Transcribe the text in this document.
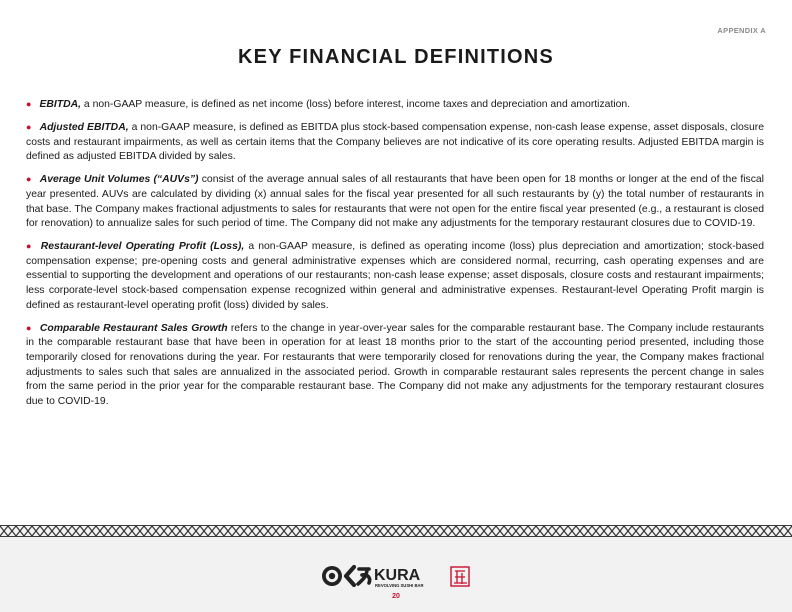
APPENDIX A
KEY FINANCIAL DEFINITIONS

● EBITDA, a non-GAAP measure, is defined as net income (loss) before interest, income taxes and depreciation and amortization.

● Adjusted EBITDA, a non-GAAP measure, is defined as EBITDA plus stock-based compensation expense, non-cash lease expense, asset disposals, closure costs and restaurant impairments, as well as certain items that the Company believes are not indicative of its core operating results. Adjusted EBITDA margin is defined as adjusted EBITDA divided by sales.

● Average Unit Volumes (“AUVs”) consist of the average annual sales of all restaurants that have been open for 18 months or longer at the end of the fiscal year presented. AUVs are calculated by dividing (x) annual sales for the fiscal year presented for all such restaurants by (y) the total number of restaurants in that base. The Company makes fractional adjustments to sales for restaurants that were not open for the entire fiscal year presented (e.g., a restaurant is closed for renovation) to annualize sales for such period of time. The Company did not make any adjustments for the temporary restaurant closures due to COVID-19.

● Restaurant-level Operating Profit (Loss), a non-GAAP measure, is defined as operating income (loss) plus depreciation and amortization; stock-based compensation expense; pre-opening costs and general administrative expenses which are considered normal, recurring, cash operating expenses and are essential to supporting the development and operations of our restaurants; non-cash lease expense; asset disposals, closure costs and restaurant impairments; less corporate-level stock-based compensation expense recognized within general and administrative expenses. Restaurant-level Operating Profit margin is defined as restaurant-level operating profit (loss) divided by sales.

● Comparable Restaurant Sales Growth refers to the change in year-over-year sales for the comparable restaurant base. The Company include restaurants in the comparable restaurant base that have been in operation for at least 18 months prior to the start of the accounting period presented, including those temporarily closed for renovations during the year. For restaurants that were temporarily closed for renovations during the year, the Company makes fractional adjustments to sales such that sales are annualized in the associated period. Growth in comparable restaurant sales represents the percent change in sales from the same period in the prior year for the comparable restaurant base. The Company did not make any adjustments for the temporary restaurant closures due to COVID-19.

KURA
REVOLVING SUSHI BAR
20
